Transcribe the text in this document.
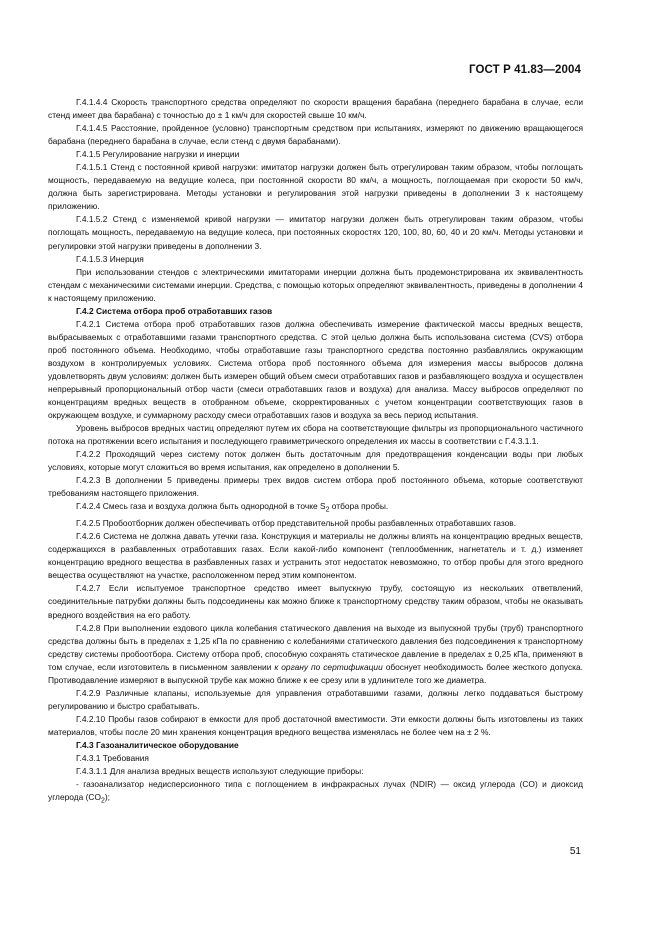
ГОСТ Р 41.83—2004

Г.4.1.4.4 Скорость транспортного средства определяют по скорости вращения барабана (переднего барабана в случае, если стенд имеет два барабана) с точностью до ± 1 км/ч для скоростей свыше 10 км/ч.

Г.4.1.4.5 Расстояние, пройденное (условно) транспортным средством при испытаниях, измеряют по движению вращающегося барабана (переднего барабана в случае, если стенд с двумя барабанами).

Г.4.1.5 Регулирование нагрузки и инерции

Г.4.1.5.1 Стенд с постоянной кривой нагрузки: имитатор нагрузки должен быть отрегулирован таким образом, чтобы поглощать мощность, передаваемую на ведущие колеса, при постоянной скорости 80 км/ч, а мощность, поглощаемая при скорости 50 км/ч, должна быть зарегистрирована. Методы установки и регулирования этой нагрузки приведены в дополнении 3 к настоящему приложению.

Г.4.1.5.2 Стенд с изменяемой кривой нагрузки — имитатор нагрузки должен быть отрегулирован таким образом, чтобы поглощать мощность, передаваемую на ведущие колеса, при постоянных скоростях 120, 100, 80, 60, 40 и 20 км/ч. Методы установки и регулировки этой нагрузки приведены в дополнении 3.

Г.4.1.5.3 Инерция

При использовании стендов с электрическими имитаторами инерции должна быть продемонстрирована их эквивалентность стендам с механическими системами инерции. Средства, с помощью которых определяют эквивалентность, приведены в дополнении 4 к настоящему приложению.

Г.4.2 Система отбора проб отработавших газов

Г.4.2.1 Система отбора проб отработавших газов должна обеспечивать измерение фактической массы вредных веществ, выбрасываемых с отработавшими газами транспортного средства. С этой целью должна быть использована система (CVS) отбора проб постоянного объема. Необходимо, чтобы отработавшие газы транспортного средства постоянно разбавлялись окружающим воздухом в контролируемых условиях. Система отбора проб постоянного объема для измерения массы выбросов должна удовлетворять двум условиям: должен быть измерен общий объем смеси отработавших газов и разбавляющего воздуха и осуществлен непрерывный пропорциональный отбор части (смеси отработавших газов и воздуха) для анализа. Массу выбросов определяют по концентрациям вредных веществ в отобранном объеме, скорректированных с учетом концентрации соответствующих газов в окружающем воздухе, и суммарному расходу смеси отработавших газов и воздуха за весь период испытания.

Уровень выбросов вредных частиц определяют путем их сбора на соответствующие фильтры из пропорционального частичного потока на протяжении всего испытания и последующего гравиметрического определения их массы в соответствии с Г.4.3.1.1.

Г.4.2.2 Проходящий через систему поток должен быть достаточным для предотвращения конденсации воды при любых условиях, которые могут сложиться во время испытания, как определено в дополнении 5.

Г.4.2.3 В дополнении 5 приведены примеры трех видов систем отбора проб постоянного объема, которые соответствуют требованиям настоящего приложения.

Г.4.2.4 Смесь газа и воздуха должна быть однородной в точке $S_2$ отбора пробы.

Г.4.2.5 Пробоотборник должен обеспечивать отбор представительной пробы разбавленных отработавших газов.

Г.4.2.6 Система не должна давать утечки газа. Конструкция и материалы не должны влиять на концентрацию вредных веществ, содержащихся в разбавленных отработавших газах. Если какой-либо компонент (теплообменник, нагнетатель и т. д.) изменяет концентрацию вредного вещества в разбавленных газах и устранить этот недостаток невозможно, то отбор пробы для этого вредного вещества осуществляют на участке, расположенном перед этим компонентом.

Г.4.2.7 Если испытуемое транспортное средство имеет выпускную трубу, состоящую из нескольких ответвлений, соединительные патрубки должны быть подсоединены как можно ближе к транспортному средству таким образом, чтобы не оказывать вредного воздействия на его работу.

Г.4.2.8 При выполнении ездового цикла колебания статического давления на выходе из выпускной трубы (труб) транспортного средства должны быть в пределах ± 1,25 кПа по сравнению с колебаниями статического давления без подсоединения к транспортному средству системы пробоотбора. Систему отбора проб, способную сохранять статическое давление в пределах ± 0,25 кПа, применяют в том случае, если изготовитель в письменном заявлении к органу по сертификации обоснует необходимость более жесткого допуска. Противодавление измеряют в выпускной трубе как можно ближе к ее срезу или в удлинителе того же диаметра.

Г.4.2.9 Различные клапаны, используемые для управления отработавшими газами, должны легко поддаваться быстрому регулированию и быстро срабатывать.

Г.4.2.10 Пробы газов собирают в емкости для проб достаточной вместимости. Эти емкости должны быть изготовлены из таких материалов, чтобы после 20 мин хранения концентрация вредного вещества изменялась не более чем на ± 2 %.

Г.4.3 Газоаналитическое оборудование

Г.4.3.1 Требования

Г.4.3.1.1 Для анализа вредных веществ используют следующие приборы:

- газоанализатор недисперсионного типа с поглощением в инфракрасных лучах (NDIR) — оксид углерода (CO) и диоксид углерода $(CO_2)$;

51
